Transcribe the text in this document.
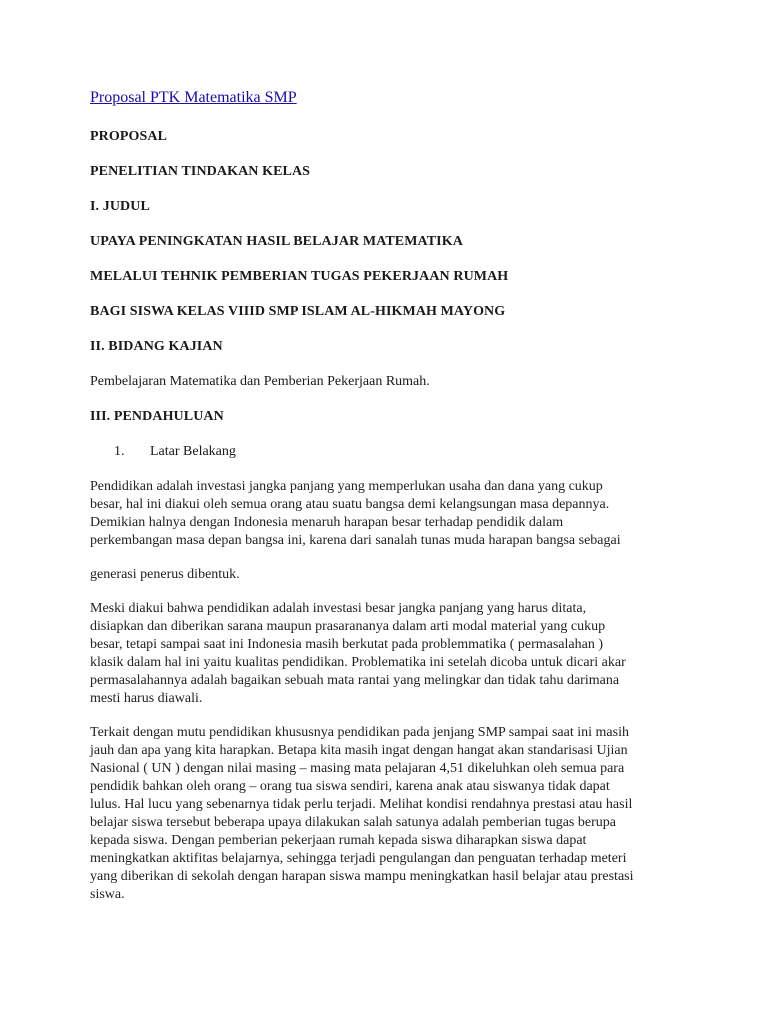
Proposal PTK Matematika SMP
PROPOSAL
PENELITIAN TINDAKAN KELAS
I. JUDUL
UPAYA PENINGKATAN HASIL BELAJAR MATEMATIKA
MELALUI TEHNIK PEMBERIAN TUGAS PEKERJAAN RUMAH
BAGI SISWA KELAS VIIID SMP ISLAM AL-HIKMAH MAYONG
II. BIDANG KAJIAN
Pembelajaran Matematika dan Pemberian Pekerjaan Rumah.
III. PENDAHULUAN
1.	Latar Belakang
Pendidikan adalah investasi jangka panjang yang memperlukan usaha dan dana yang cukup
besar, hal ini diakui oleh semua orang atau suatu bangsa demi kelangsungan masa depannya.
Demikian halnya dengan Indonesia menaruh harapan besar terhadap pendidik dalam
perkembangan masa depan bangsa ini, karena dari sanalah tunas muda harapan bangsa sebagai
generasi penerus dibentuk.
Meski diakui bahwa pendidikan adalah investasi besar jangka panjang yang harus ditata,
disiapkan dan diberikan sarana maupun prasarananya dalam arti modal material yang cukup
besar, tetapi sampai saat ini Indonesia masih berkutat pada problemmatika ( permasalahan )
klasik dalam hal ini yaitu kualitas pendidikan. Problematika ini setelah dicoba untuk dicari akar
permasalahannya adalah bagaikan sebuah mata rantai yang melingkar dan tidak tahu darimana
mesti harus diawali.
Terkait dengan mutu pendidikan khususnya pendidikan pada jenjang SMP sampai saat ini masih
jauh dan apa yang kita harapkan. Betapa kita masih ingat dengan hangat akan standarisasi Ujian
Nasional ( UN ) dengan nilai masing – masing mata pelajaran 4,51 dikeluhkan oleh semua para
pendidik bahkan oleh orang – orang tua siswa sendiri, karena anak atau siswanya tidak dapat
lulus. Hal lucu yang sebenarnya tidak perlu terjadi. Melihat kondisi rendahnya prestasi atau hasil
belajar siswa tersebut beberapa upaya dilakukan salah satunya adalah pemberian tugas berupa
kepada siswa. Dengan pemberian pekerjaan rumah kepada siswa diharapkan siswa dapat
meningkatkan aktifitas belajarnya, sehingga terjadi pengulangan dan penguatan terhadap meteri
yang diberikan di sekolah dengan harapan siswa mampu meningkatkan hasil belajar atau prestasi
siswa.
